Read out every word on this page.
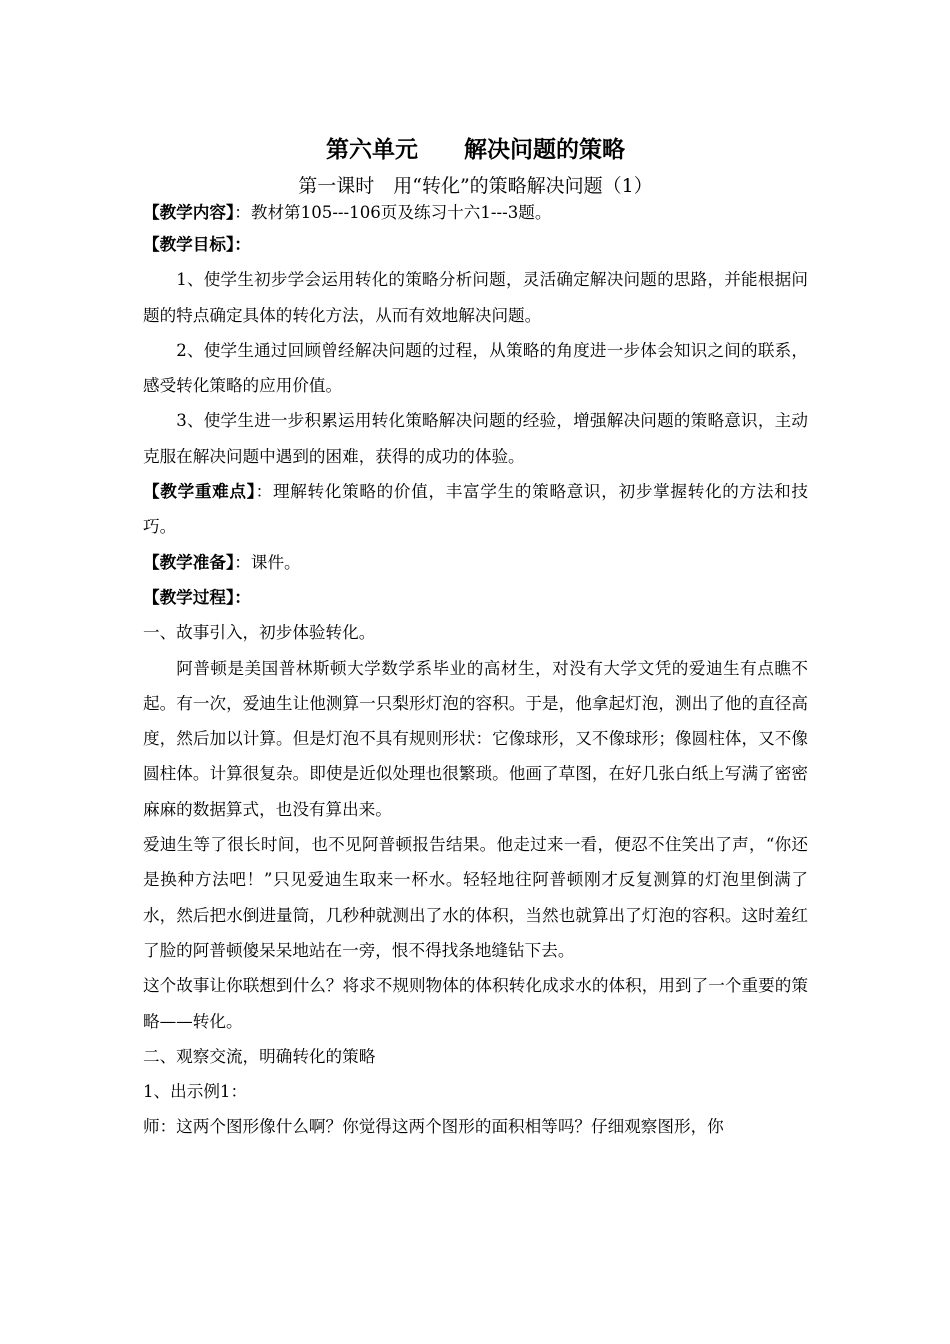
第六单元　　解决问题的策略
第一课时　用“转化”的策略解决问题（1）
【教学内容】：教材第105---106页及练习十六1---3题。
【教学目标】：
1、使学生初步学会运用转化的策略分析问题，灵活确定解决问题的思路，并能根据问题的特点确定具体的转化方法，从而有效地解决问题。
2、使学生通过回顾曾经解决问题的过程，从策略的角度进一步体会知识之间的联系，感受转化策略的应用价值。
3、使学生进一步积累运用转化策略解决问题的经验，增强解决问题的策略意识，主动克服在解决问题中遇到的困难，获得的成功的体验。
【教学重难点】：理解转化策略的价值，丰富学生的策略意识，初步掌握转化的方法和技巧。
【教学准备】：课件。
【教学过程】：
一、故事引入，初步体验转化。
阿普顿是美国普林斯顿大学数学系毕业的高材生，对没有大学文凭的爱迪生有点瞧不起。有一次，爱迪生让他测算一只梨形灯泡的容积。于是，他拿起灯泡，测出了他的直径高度，然后加以计算。但是灯泡不具有规则形状：它像球形，又不像球形；像圆柱体，又不像圆柱体。计算很复杂。即使是近似处理也很繁琐。他画了草图，在好几张白纸上写满了密密麻麻的数据算式，也没有算出来。
爱迪生等了很长时间，也不见阿普顿报告结果。他走过来一看，便忍不住笑出了声，“你还是换种方法吧！”只见爱迪生取来一杯水。轻轻地往阿普顿刚才反复测算的灯泡里倒满了水，然后把水倒进量筒，几秒种就测出了水的体积，当然也就算出了灯泡的容积。这时羞红了脸的阿普顿傻呆呆地站在一旁，恨不得找条地缝钻下去。
这个故事让你联想到什么？将求不规则物体的体积转化成求水的体积，用到了一个重要的策略——转化。
二、观察交流，明确转化的策略
1、出示例1：
师：这两个图形像什么啊？你觉得这两个图形的面积相等吗？仔细观察图形，你
